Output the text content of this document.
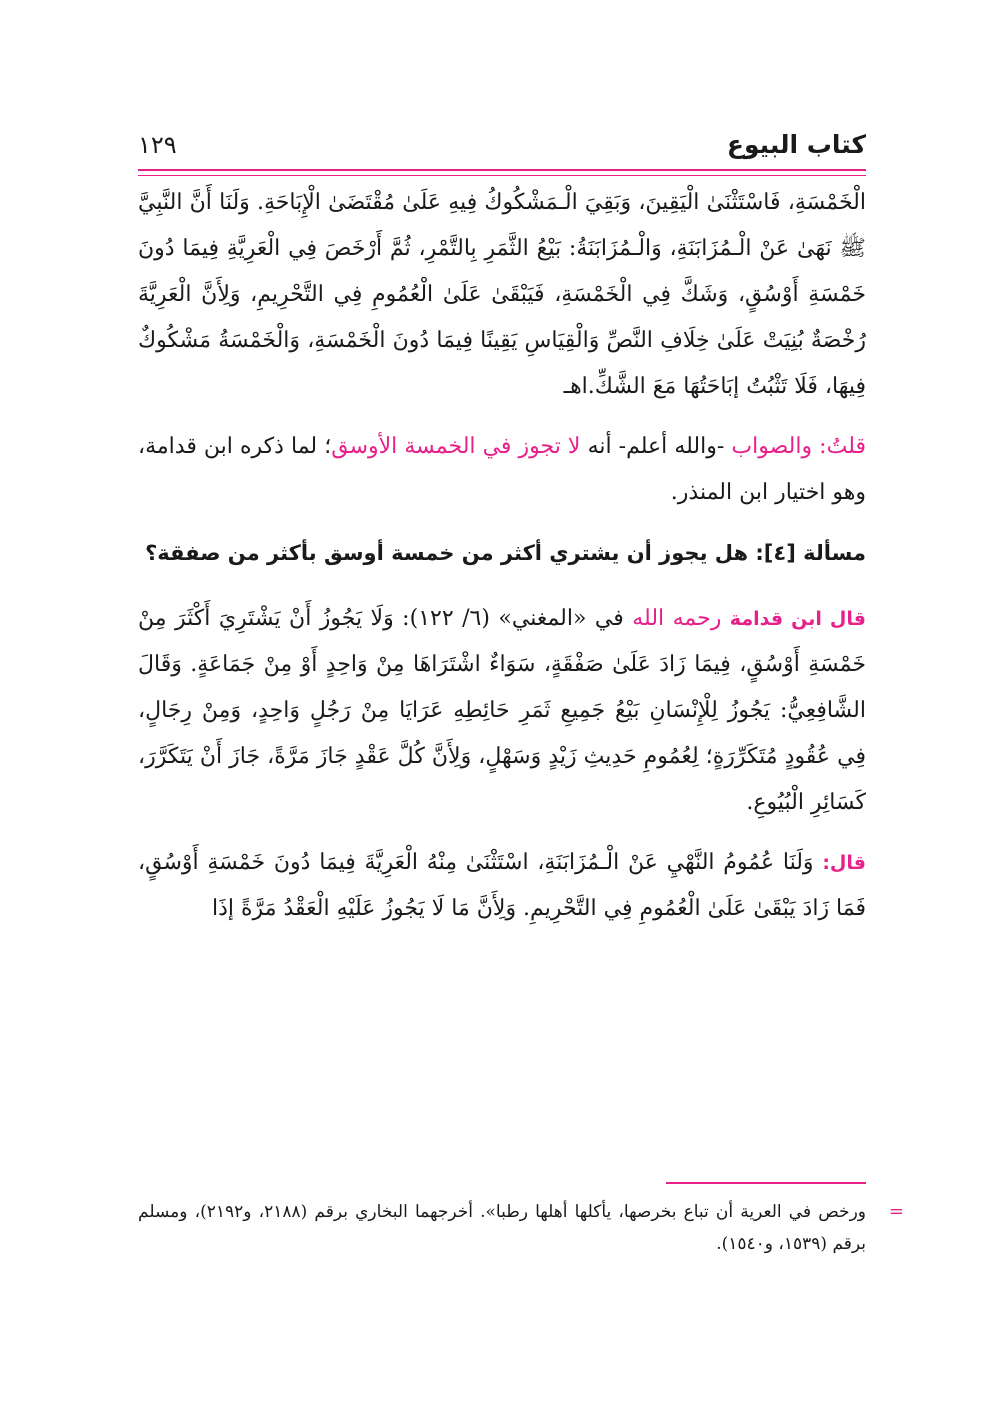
كتاب البيوع
١٢٩

الْخَمْسَةِ، فَاسْتَثْنَىٰ الْيَقِينَ، وَبَقِيَ الْـمَشْكُوكُ فِيهِ عَلَىٰ مُقْتَضَىٰ الْإِبَاحَةِ. وَلَنَا أَنَّ النَّبِيَّ ﷺ نَهَىٰ عَنْ الْـمُزَابَنَةِ، وَالْـمُزَابَنَةُ: بَيْعُ الثَّمَرِ بِالتَّمْرِ، ثُمَّ أَرْخَصَ فِي الْعَرِيَّةِ فِيمَا دُونَ خَمْسَةِ أَوْسُقٍ، وَشَكَّ فِي الْخَمْسَةِ، فَيَبْقَىٰ عَلَىٰ الْعُمُومِ فِي التَّحْرِيمِ، وَلِأَنَّ الْعَرِيَّةَ رُخْصَةٌ بُنِيَتْ عَلَىٰ خِلَافِ النَّصِّ وَالْقِيَاسِ يَقِينًا فِيمَا دُونَ الْخَمْسَةِ، وَالْخَمْسَةُ مَشْكُوكٌ فِيهَا، فَلَا تَثْبُتُ إبَاحَتُهَا مَعَ الشَّكِّ.اهـ

قلتُ: والصواب -والله أعلم- أنه لا تجوز في الخمسة الأوسق؛ لما ذكره ابن قدامة، وهو اختيار ابن المنذر.

مسألة [٤]: هل يجوز أن يشتري أكثر من خمسة أوسق بأكثر من صفقة؟

قال ابن قدامة رحمه الله في «المغني» (٦/ ١٢٢): وَلَا يَجُوزُ أَنْ يَشْتَرِيَ أَكْثَرَ مِنْ خَمْسَةِ أَوْسُقٍ، فِيمَا زَادَ عَلَىٰ صَفْقَةٍ، سَوَاءٌ اشْتَرَاهَا مِنْ وَاحِدٍ أَوْ مِنْ جَمَاعَةٍ. وَقَالَ الشَّافِعِيُّ: يَجُوزُ لِلْإِنْسَانِ بَيْعُ جَمِيعِ ثَمَرِ حَائِطِهِ عَرَايَا مِنْ رَجُلٍ وَاحِدٍ، وَمِنْ رِجَالٍ، فِي عُقُودٍ مُتَكَرِّرَةٍ؛ لِعُمُومِ حَدِيثِ زَيْدٍ وَسَهْلٍ، وَلِأَنَّ كُلَّ عَقْدٍ جَازَ مَرَّةً، جَازَ أَنْ يَتَكَرَّرَ، كَسَائِرِ الْبُيُوعِ.

قال: وَلَنَا عُمُومُ النَّهْيِ عَنْ الْـمُزَابَنَةِ، اسْتَثْنَىٰ مِنْهُ الْعَرِيَّةَ فِيمَا دُونَ خَمْسَةِ أَوْسُقٍ، فَمَا زَادَ يَبْقَىٰ عَلَىٰ الْعُمُومِ فِي التَّحْرِيمِ. وَلِأَنَّ مَا لَا يَجُوزُ عَلَيْهِ الْعَقْدُ مَرَّةً إذَا

=
ورخص في العرية أن تباع بخرصها، يأكلها أهلها رطبا». أخرجهما البخاري برقم (٢١٨٨، و٢١٩٢)، ومسلم برقم (١٥٣٩، و١٥٤٠).
